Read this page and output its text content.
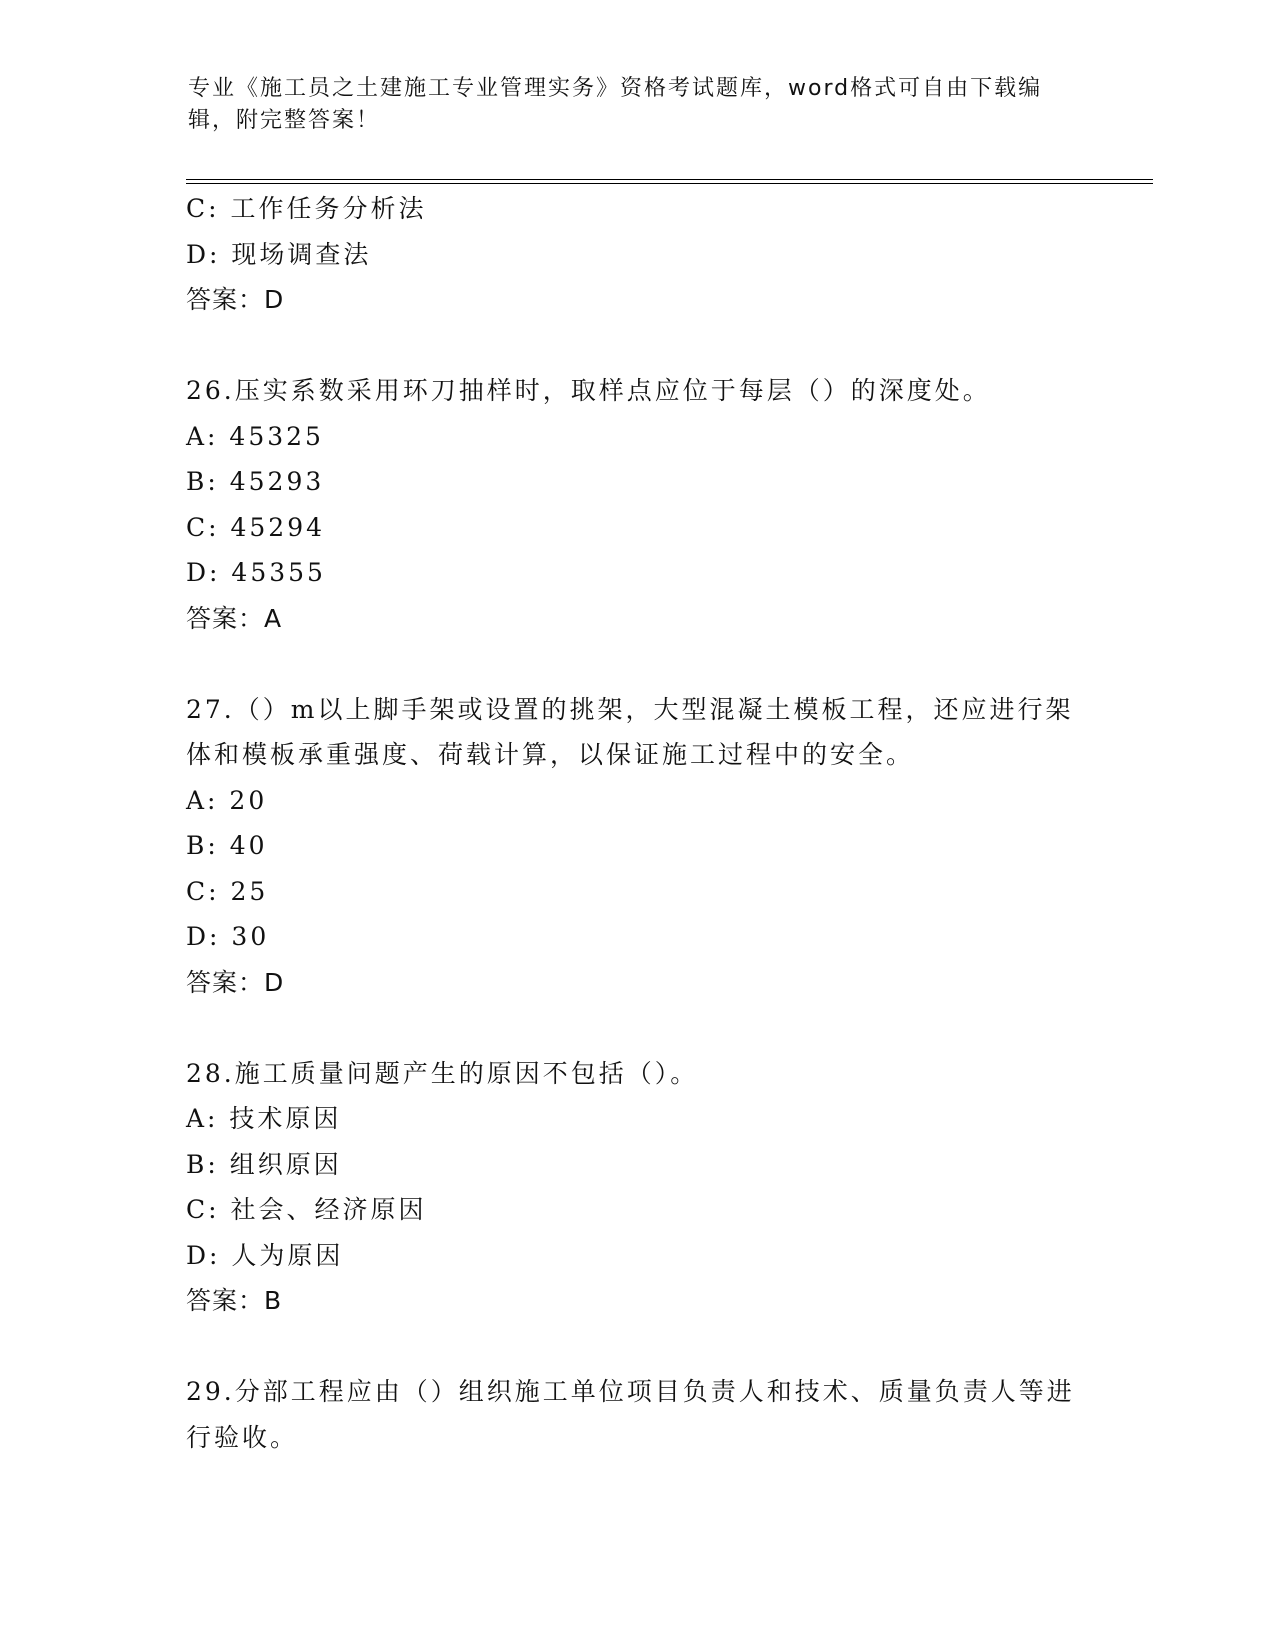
专业《施工员之土建施工专业管理实务》资格考试题库，word格式可自由下载编辑，附完整答案！
C: 工作任务分析法
D: 现场调查法
答案：D
26.压实系数采用环刀抽样时，取样点应位于每层（）的深度处。
A: 45325
B: 45293
C: 45294
D: 45355
答案：A
27.（）m以上脚手架或设置的挑架，大型混凝土模板工程，还应进行架体和模板承重强度、荷载计算，以保证施工过程中的安全。
A: 20
B: 40
C: 25
D: 30
答案：D
28.施工质量问题产生的原因不包括（）。
A: 技术原因
B: 组织原因
C: 社会、经济原因
D: 人为原因
答案：B
29.分部工程应由（）组织施工单位项目负责人和技术、质量负责人等进行验收。
